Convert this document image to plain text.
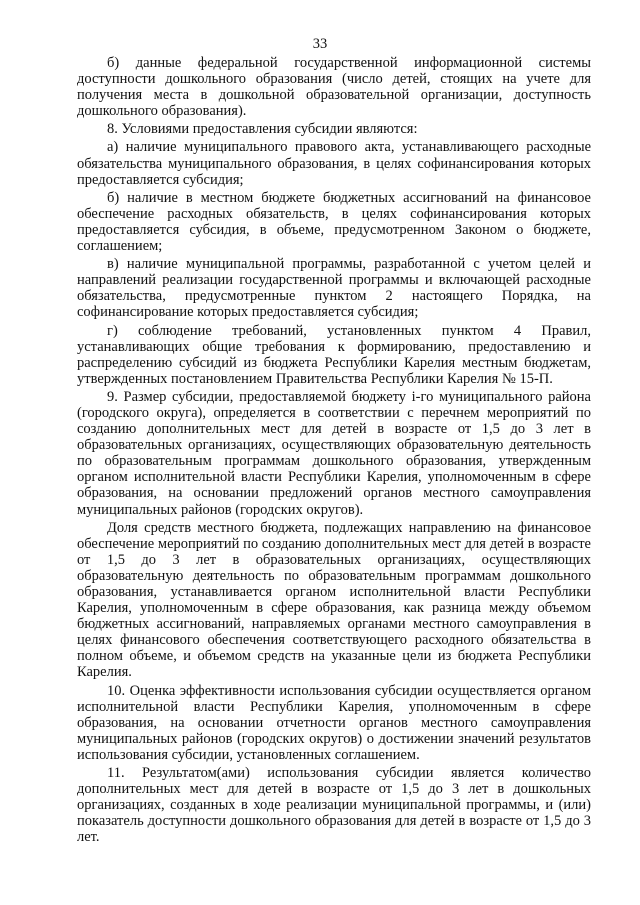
33

б) данные федеральной государственной информационной системы доступности дошкольного образования (число детей, стоящих на учете для получения места в дошкольной образовательной организации, доступность дошкольного образования).

8. Условиями предоставления субсидии являются:

а) наличие муниципального правового акта, устанавливающего расходные обязательства муниципального образования, в целях софинансирования которых предоставляется субсидия;

б) наличие в местном бюджете бюджетных ассигнований на финансовое обеспечение расходных обязательств, в целях софинансирования которых предоставляется субсидия, в объеме, предусмотренном Законом о бюджете, соглашением;

в) наличие муниципальной программы, разработанной с учетом целей и направлений реализации государственной программы и включающей расходные обязательства, предусмотренные пунктом 2 настоящего Порядка, на софинансирование которых предоставляется субсидия;

г) соблюдение требований, установленных пунктом 4 Правил, устанавливающих общие требования к формированию, предоставлению и распределению субсидий из бюджета Республики Карелия местным бюджетам, утвержденных постановлением Правительства Республики Карелия № 15-П.

9. Размер субсидии, предоставляемой бюджету i-го муниципального района (городского округа), определяется в соответствии с перечнем мероприятий по созданию дополнительных мест для детей в возрасте от 1,5 до 3 лет в образовательных организациях, осуществляющих образовательную деятельность по образовательным программам дошкольного образования, утвержденным органом исполнительной власти Республики Карелия, уполномоченным в сфере образования, на основании предложений органов местного самоуправления муниципальных районов (городских округов).

Доля средств местного бюджета, подлежащих направлению на финансовое обеспечение мероприятий по созданию дополнительных мест для детей в возрасте от 1,5 до 3 лет в образовательных организациях, осуществляющих образовательную деятельность по образовательным программам дошкольного образования, устанавливается органом исполнительной власти Республики Карелия, уполномоченным в сфере образования, как разница между объемом бюджетных ассигнований, направляемых органами местного самоуправления в целях финансового обеспечения соответствующего расходного обязательства в полном объеме, и объемом средств на указанные цели из бюджета Республики Карелия.

10. Оценка эффективности использования субсидии осуществляется органом исполнительной власти Республики Карелия, уполномоченным в сфере образования, на основании отчетности органов местного самоуправления муниципальных районов (городских округов) о достижении значений результатов использования субсидии, установленных соглашением.

11. Результатом(ами) использования субсидии является количество дополнительных мест для детей в возрасте от 1,5 до 3 лет в дошкольных организациях, созданных в ходе реализации муниципальной программы, и (или) показатель доступности дошкольного образования для детей в возрасте от 1,5 до 3 лет.
